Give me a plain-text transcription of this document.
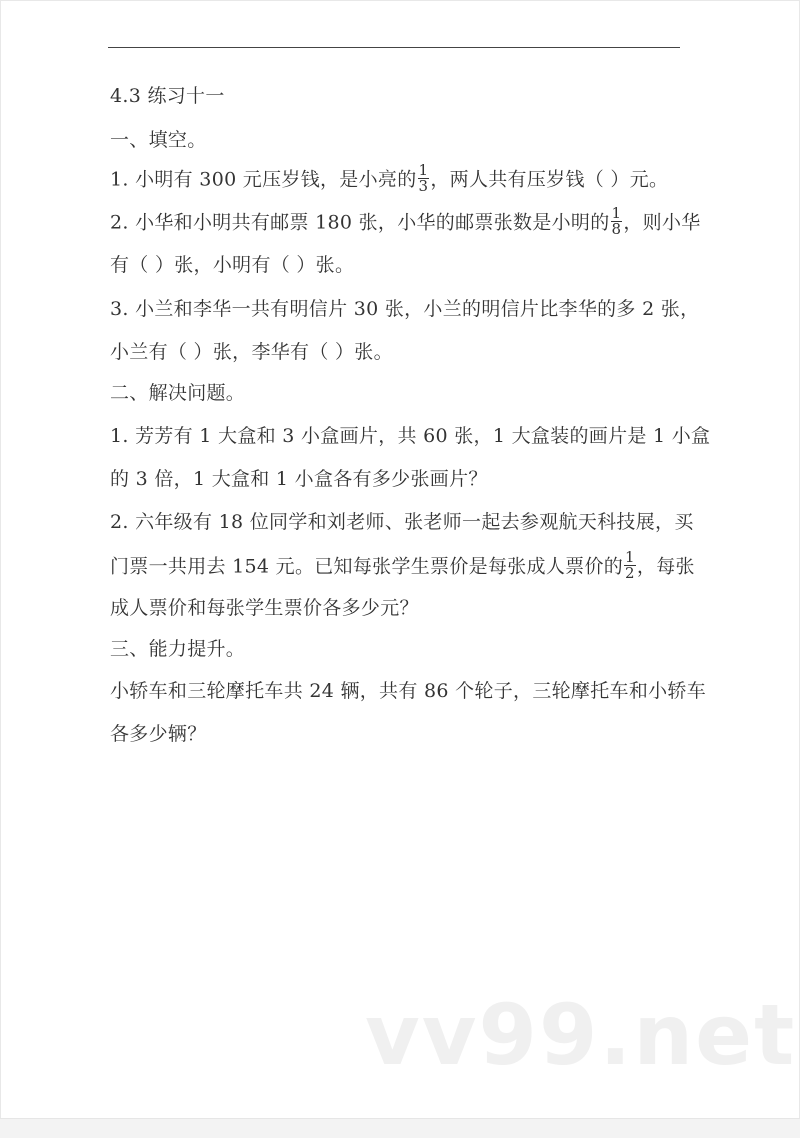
4.3 练习十一
一、填空。
1. 小明有 300 元压岁钱，是小亮的 $\frac{1}{3}$ ，两人共有压岁钱（ ）元。
2. 小华和小明共有邮票 180 张，小华的邮票张数是小明的 $\frac{1}{8}$ ，则小华
有（ ）张，小明有（ ）张。
3. 小兰和李华一共有明信片 30 张，小兰的明信片比李华的多 2 张，
小兰有（ ）张，李华有（ ）张。
二、解决问题。
1. 芳芳有 1 大盒和 3 小盒画片，共 60 张，1 大盒装的画片是 1 小盒
的 3 倍，1 大盒和 1 小盒各有多少张画片？
2. 六年级有 18 位同学和刘老师、张老师一起去参观航天科技展，买
门票一共用去 154 元。已知每张学生票价是每张成人票价的 $\frac{1}{2}$ ，每张
成人票价和每张学生票价各多少元？
三、能力提升。
小轿车和三轮摩托车共 24 辆，共有 86 个轮子，三轮摩托车和小轿车
各多少辆？
vv99.net
